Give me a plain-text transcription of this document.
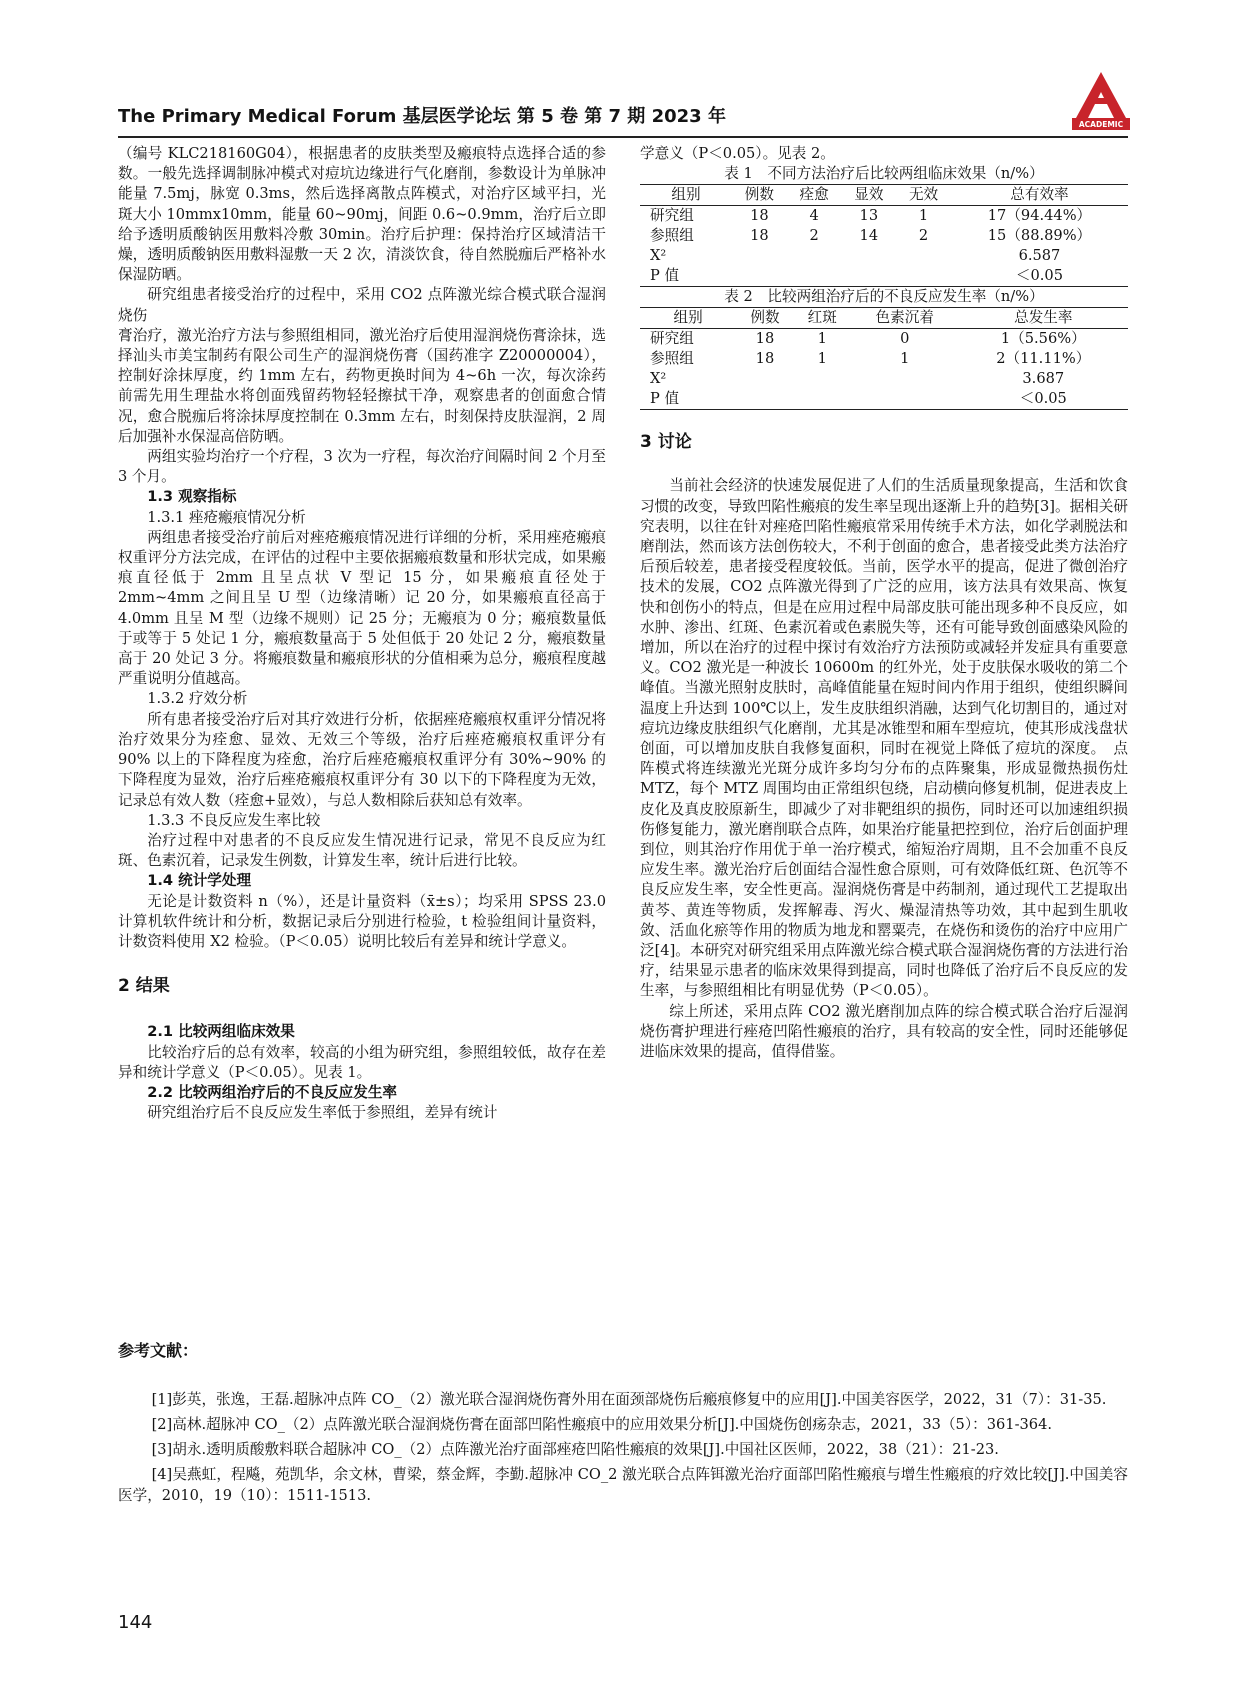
The Primary Medical Forum 基层医学论坛 第 5 卷 第 7 期 2023 年	ACADEMIC

（编号 KLC218160G04），根据患者的皮肤类型及瘢痕特点选择合适的参数。一般先选择调制脉冲模式对痘坑边缘进行气化磨削，参数设计为单脉冲能量 7.5mj，脉宽 0.3ms，然后选择离散点阵模式，对治疗区域平扫，光斑大小 10mmx10mm，能量 60~90mj，间距 0.6~0.9mm，治疗后立即给予透明质酸钠医用敷料冷敷 30min。治疗后护理：保持治疗区域清洁干燥，透明质酸钠医用敷料湿敷一天 2 次，清淡饮食，待自然脱痂后严格补水保湿防晒。

研究组患者接受治疗的过程中，采用 CO2 点阵激光综合模式联合湿润烧伤

膏治疗，激光治疗方法与参照组相同，激光治疗后使用湿润烧伤膏涂抹，选择汕头市美宝制药有限公司生产的湿润烧伤膏（国药准字 Z20000004），控制好涂抹厚度，约 1mm 左右，药物更换时间为 4~6h 一次，每次涂药前需先用生理盐水将创面残留药物轻轻擦拭干净，观察患者的创面愈合情况，愈合脱痂后将涂抹厚度控制在 0.3mm 左右，时刻保持皮肤湿润，2 周后加强补水保湿高倍防晒。

两组实验均治疗一个疗程，3 次为一疗程，每次治疗间隔时间 2 个月至 3 个月。

1.3 观察指标

1.3.1 痤疮瘢痕情况分析

两组患者接受治疗前后对痤疮瘢痕情况进行详细的分析，采用痤疮瘢痕权重评分方法完成，在评估的过程中主要依据瘢痕数量和形状完成，如果瘢痕直径低于 2mm 且呈点状 V 型记 15 分，如果瘢痕直径处于 2mm~4mm 之间且呈 U 型（边缘清晰）记 20 分，如果瘢痕直径高于 4.0mm 且呈 M 型（边缘不规则）记 25 分；无瘢痕为 0 分；瘢痕数量低于或等于 5 处记 1 分，瘢痕数量高于 5 处但低于 20 处记 2 分，瘢痕数量高于 20 处记 3 分。将瘢痕数量和瘢痕形状的分值相乘为总分，瘢痕程度越严重说明分值越高。

1.3.2 疗效分析

所有患者接受治疗后对其疗效进行分析，依据痤疮瘢痕权重评分情况将治疗效果分为痊愈、显效、无效三个等级，治疗后痤疮瘢痕权重评分有 90% 以上的下降程度为痊愈，治疗后痤疮瘢痕权重评分有 30%~90% 的下降程度为显效，治疗后痤疮瘢痕权重评分有 30 以下的下降程度为无效，记录总有效人数（痊愈+显效），与总人数相除后获知总有效率。

1.3.3 不良反应发生率比较

治疗过程中对患者的不良反应发生情况进行记录，常见不良反应为红斑、色素沉着，记录发生例数，计算发生率，统计后进行比较。

1.4 统计学处理

无论是计数资料 n（%），还是计量资料（x̄±s）；均采用 SPSS 23.0 计算机软件统计和分析，数据记录后分别进行检验，t 检验组间计量资料，计数资料使用 X2 检验。（P＜0.05）说明比较后有差异和统计学意义。

2 结果

2.1 比较两组临床效果

比较治疗后的总有效率，较高的小组为研究组，参照组较低，故存在差异和统计学意义（P＜0.05）。见表 1。

2.2 比较两组治疗后的不良反应发生率

研究组治疗后不良反应发生率低于参照组，差异有统计

学意义（P＜0.05）。见表 2。

表 1　不同方法治疗后比较两组临床效果（n/%）

组别	例数	痊愈	显效	无效	总有效率
研究组	18	4	13	1	17（94.44%）
参照组	18	2	14	2	15（88.89%）
X²					6.587
P 值					＜0.05

表 2　比较两组治疗后的不良反应发生率（n/%）

组别	例数	红斑	色素沉着	总发生率
研究组	18	1	0	1（5.56%）
参照组	18	1	1	2（11.11%）
X²				3.687
P 值				＜0.05

3 讨论

当前社会经济的快速发展促进了人们的生活质量现象提高，生活和饮食习惯的改变，导致凹陷性瘢痕的发生率呈现出逐渐上升的趋势[3]。据相关研究表明，以往在针对痤疮凹陷性瘢痕常采用传统手术方法，如化学剥脱法和磨削法，然而该方法创伤较大，不利于创面的愈合，患者接受此类方法治疗后预后较差，患者接受程度较低。当前，医学水平的提高，促进了微创治疗技术的发展，CO2 点阵激光得到了广泛的应用，该方法具有效果高、恢复快和创伤小的特点，但是在应用过程中局部皮肤可能出现多种不良反应，如水肿、渗出、红斑、色素沉着或色素脱失等，还有可能导致创面感染风险的增加，所以在治疗的过程中探讨有效治疗方法预防或减轻并发症具有重要意义。CO2 激光是一种波长 10600m 的红外光，处于皮肤保水吸收的第二个峰值。当激光照射皮肤时，高峰值能量在短时间内作用于组织，使组织瞬间温度上升达到 100℃以上，发生皮肤组织消融，达到气化切割目的，通过对痘坑边缘皮肤组织气化磨削，尤其是冰锥型和厢车型痘坑，使其形成浅盘状创面，可以增加皮肤自我修复面积，同时在视觉上降低了痘坑的深度。　点阵模式将连续激光光斑分成许多均匀分布的点阵聚集，形成显微热损伤灶 MTZ，每个 MTZ 周围均由正常组织包绕，启动横向修复机制，促进表皮上皮化及真皮胶原新生，即减少了对非靶组织的损伤，同时还可以加速组织损伤修复能力，激光磨削联合点阵，如果治疗能量把控到位，治疗后创面护理到位，则其治疗作用优于单一治疗模式，缩短治疗周期，且不会加重不良反应发生率。激光治疗后创面结合湿性愈合原则，可有效降低红斑、色沉等不良反应发生率，安全性更高。湿润烧伤膏是中药制剂，通过现代工艺提取出黄芩、黄连等物质，发挥解毒、泻火、燥湿清热等功效，其中起到生肌收敛、活血化瘀等作用的物质为地龙和罂粟壳，在烧伤和烫伤的治疗中应用广泛[4]。本研究对研究组采用点阵激光综合模式联合湿润烧伤膏的方法进行治疗，结果显示患者的临床效果得到提高，同时也降低了治疗后不良反应的发生率，与参照组相比有明显优势（P＜0.05）。

综上所述，采用点阵 CO2 激光磨削加点阵的综合模式联合治疗后湿润烧伤膏护理进行痤疮凹陷性瘢痕的治疗，具有较高的安全性，同时还能够促进临床效果的提高，值得借鉴。

参考文献：

[1]彭英，张逸，王磊.超脉冲点阵 CO_（2）激光联合湿润烧伤膏外用在面颈部烧伤后瘢痕修复中的应用[J].中国美容医学，2022，31（7）：31-35.

[2]高林.超脉冲 CO_（2）点阵激光联合湿润烧伤膏在面部凹陷性瘢痕中的应用效果分析[J].中国烧伤创疡杂志，2021，33（5）：361-364.

[3]胡永.透明质酸敷料联合超脉冲 CO_（2）点阵激光治疗面部痤疮凹陷性瘢痕的效果[J].中国社区医师，2022，38（21）：21-23.

[4]吴燕虹，程飚，苑凯华，余文林，曹梁，蔡金辉，李勤.超脉冲 CO_2 激光联合点阵铒激光治疗面部凹陷性瘢痕与增生性瘢痕的疗效比较[J].中国美容医学，2010，19（10）：1511-1513.

144
